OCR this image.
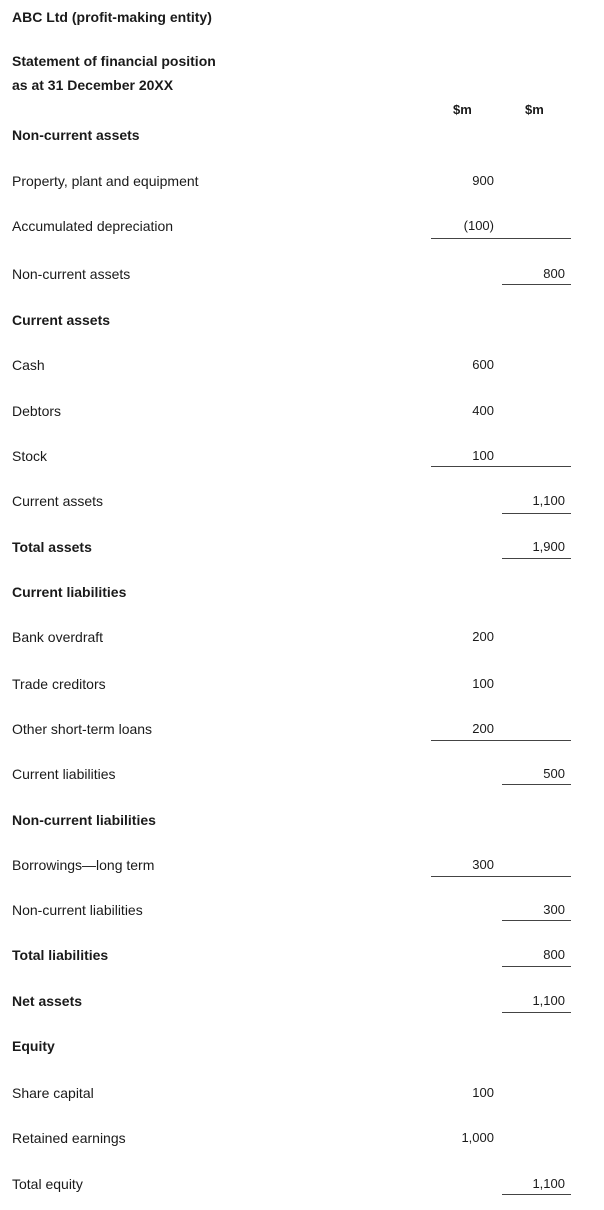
ABC Ltd (profit-making entity)
Statement of financial position
as at 31 December 20XX
$m	$m
Non-current assets
Property, plant and equipment	900
Accumulated depreciation	(100)
Non-current assets	800
Current assets
Cash	600
Debtors	400
Stock	100
Current assets	1,100
Total assets	1,900
Current liabilities
Bank overdraft	200
Trade creditors	100
Other short-term loans	200
Current liabilities	500
Non-current liabilities
Borrowings—long term	300
Non-current liabilities	300
Total liabilities	800
Net assets	1,100
Equity
Share capital	100
Retained earnings	1,000
Total equity	1,100
